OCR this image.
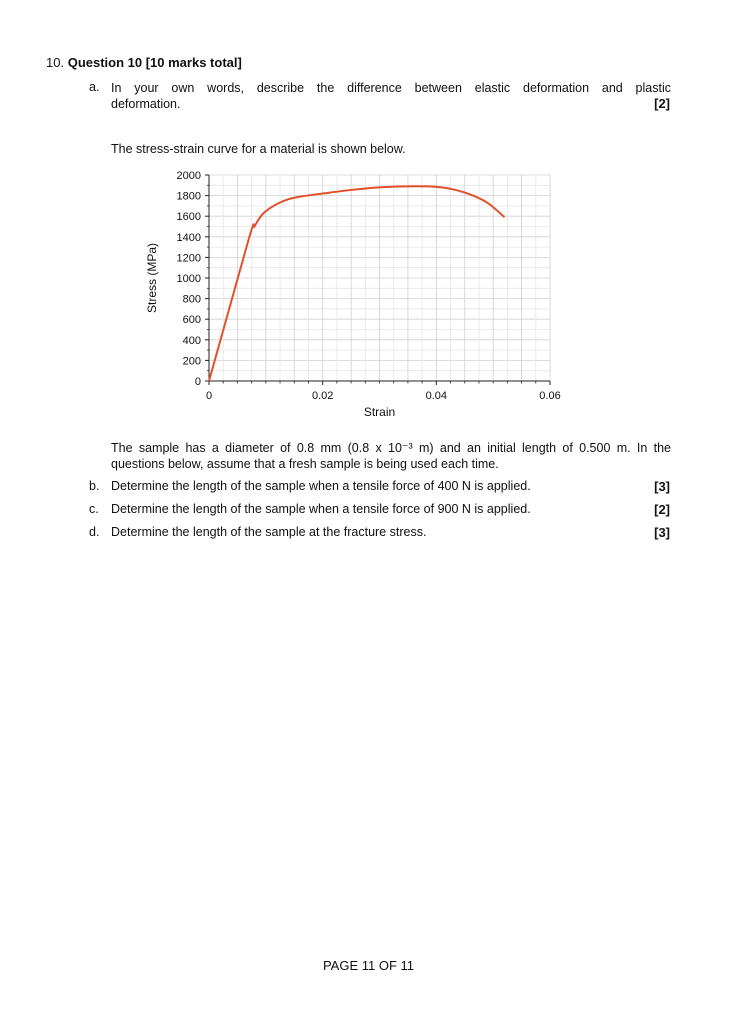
10. Question 10 [10 marks total]
a. In your own words, describe the difference between elastic deformation and plastic
deformation.	[2]
The stress-strain curve for a material is shown below.
0
200
400
600
800
1000
1200
1400
1600
1800
2000
0	0.02	0.04	0.06
Strain
Stress (MPa)
The sample has a diameter of 0.8 mm (0.8 x 10⁻³ m) and an initial length of 0.500 m. In the
questions below, assume that a fresh sample is being used each time.
b. Determine the length of the sample when a tensile force of 400 N is applied.	[3]
c. Determine the length of the sample when a tensile force of 900 N is applied.	[2]
d. Determine the length of the sample at the fracture stress.	[3]
PAGE 11 OF 11
